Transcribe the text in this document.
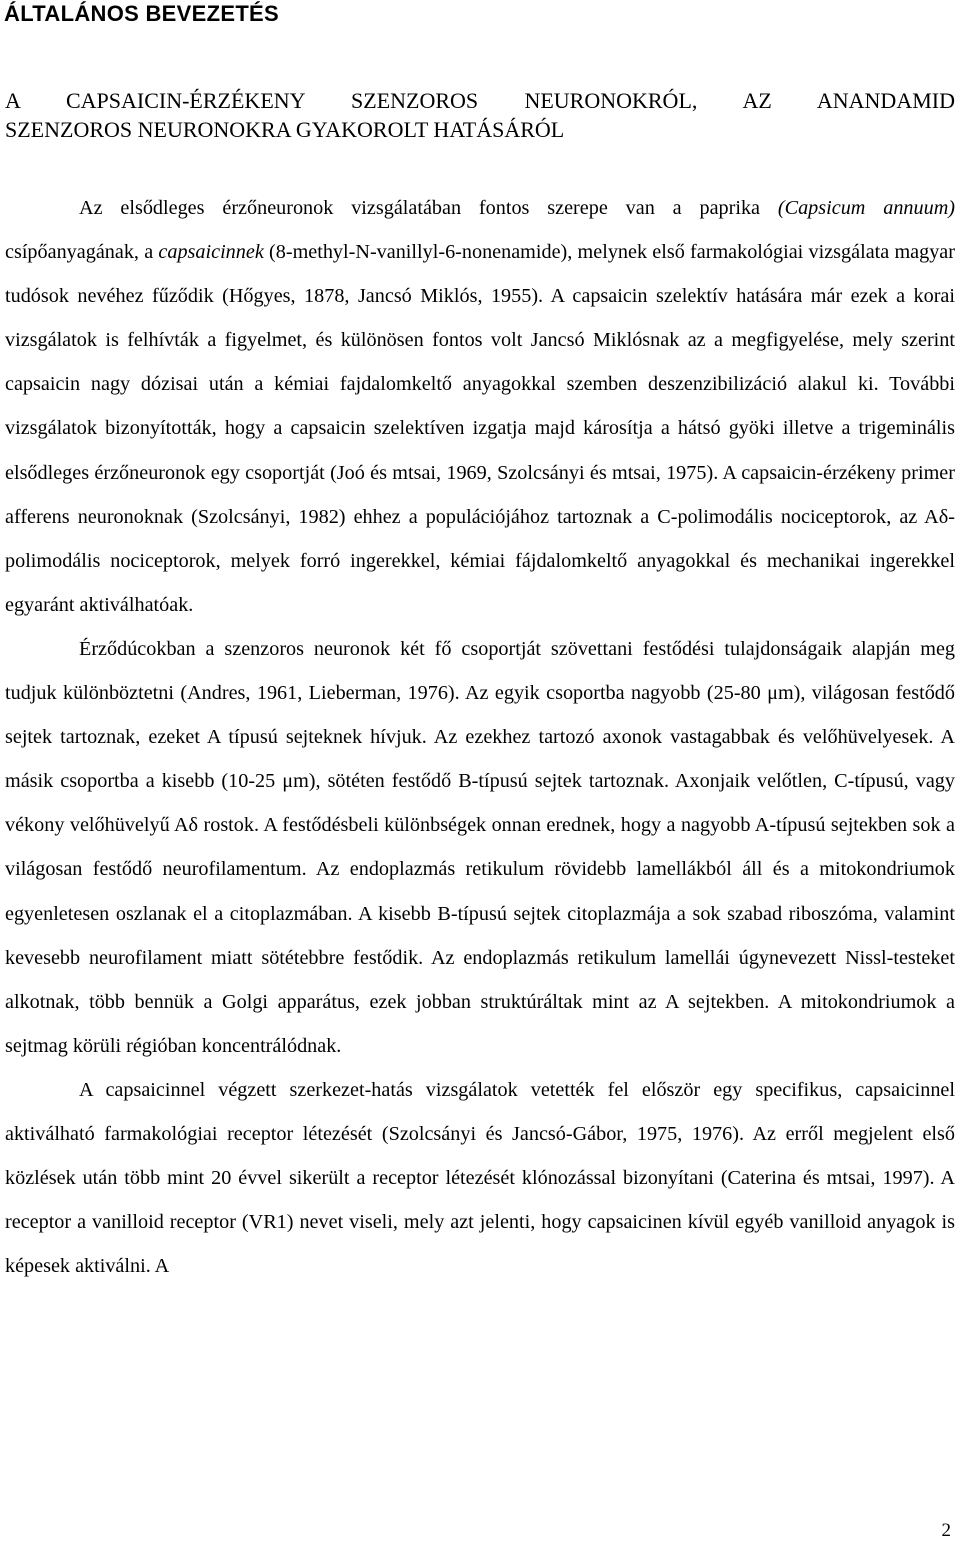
ÁLTALÁNOS BEVEZETÉS
A CAPSAICIN-ÉRZÉKENY SZENZOROS NEURONOKRÓL, AZ ANANDAMID
SZENZOROS NEURONOKRA GYAKOROLT HATÁSÁRÓL

Az elsődleges érzőneuronok vizsgálatában fontos szerepe van a paprika (Capsicum annuum) csípőanyagának, a capsaicinnek (8-methyl-N-vanillyl-6-nonenamide), melynek első farmakológiai vizsgálata magyar tudósok nevéhez fűződik (Hőgyes, 1878, Jancsó Miklós, 1955). A capsaicin szelektív hatására már ezek a korai vizsgálatok is felhívták a figyelmet, és különösen fontos volt Jancsó Miklósnak az a megfigyelése, mely szerint capsaicin nagy dózisai után a kémiai fajdalomkeltő anyagokkal szemben deszenzibilizáció alakul ki. További vizsgálatok bizonyították, hogy a capsaicin szelektíven izgatja majd károsítja a hátsó gyöki illetve a trigeminális elsődleges érzőneuronok egy csoportját (Joó és mtsai, 1969, Szolcsányi és mtsai, 1975). A capsaicin-érzékeny primer afferens neuronoknak (Szolcsányi, 1982) ehhez a populációjához tartoznak a C-polimodális nociceptorok, az Aδ-polimodális nociceptorok, melyek forró ingerekkel, kémiai fájdalomkeltő anyagokkal és mechanikai ingerekkel egyaránt aktiválhatóak.

Érződúcokban a szenzoros neuronok két fő csoportját szövettani festődési tulajdonságaik alapján meg tudjuk különböztetni (Andres, 1961, Lieberman, 1976). Az egyik csoportba nagyobb (25-80 μm), világosan festődő sejtek tartoznak, ezeket A típusú sejteknek hívjuk. Az ezekhez tartozó axonok vastagabbak és velőhüvelyesek. A másik csoportba a kisebb (10-25 μm), sötéten festődő B-típusú sejtek tartoznak. Axonjaik velőtlen, C-típusú, vagy vékony velőhüvelyű Aδ rostok. A festődésbeli különbségek onnan erednek, hogy a nagyobb A-típusú sejtekben sok a világosan festődő neurofilamentum. Az endoplazmás retikulum rövidebb lamellákból áll és a mitokondriumok egyenletesen oszlanak el a citoplazmában. A kisebb B-típusú sejtek citoplazmája a sok szabad riboszóma, valamint kevesebb neurofilament miatt sötétebbre festődik. Az endoplazmás retikulum lamellái úgynevezett Nissl-testeket alkotnak, több bennük a Golgi apparátus, ezek jobban struktúráltak mint az A sejtekben. A mitokondriumok a sejtmag körüli régióban koncentrálódnak.

A capsaicinnel végzett szerkezet-hatás vizsgálatok vetették fel először egy specifikus, capsaicinnel aktiválható farmakológiai receptor létezését (Szolcsányi és Jancsó-Gábor, 1975, 1976). Az erről megjelent első közlések után több mint 20 évvel sikerült a receptor létezését klónozással bizonyítani (Caterina és mtsai, 1997). A receptor a vanilloid receptor (VR1) nevet viseli, mely azt jelenti, hogy capsaicinen kívül egyéb vanilloid anyagok is képesek aktiválni. A

2
